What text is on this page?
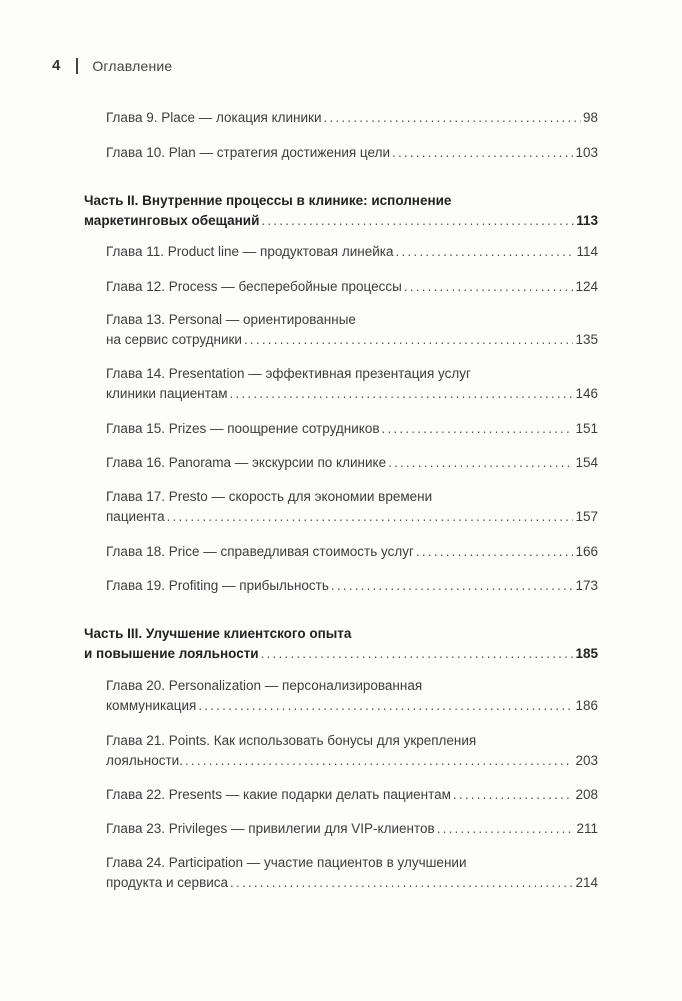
4 Оглавление
Глава 9. Place — локация клиники .....	98
Глава 10. Plan — стратегия достижения цели .....	103
Часть II. Внутренние процессы в клинике: исполнение
маркетинговых обещаний .....	113
Глава 11. Product line — продуктовая линейка .....	114
Глава 12. Process — бесперебойные процессы .....	124
Глава 13. Personal — ориентированные
на сервис сотрудники .....	135
Глава 14. Presentation — эффективная презентация услуг
клиники пациентам .....	146
Глава 15. Prizes — поощрение сотрудников .....	151
Глава 16. Panorama — экскурсии по клинике .....	154
Глава 17. Presto — скорость для экономии времени
пациента .....	157
Глава 18. Price — справедливая стоимость услуг .....	166
Глава 19. Profiting — прибыльность .....	173
Часть III. Улучшение клиентского опыта
и повышение лояльности .....	185
Глава 20. Personalization — персонализированная
коммуникация .....	186
Глава 21. Points. Как использовать бонусы для укрепления
лояльности. .....	203
Глава 22. Presents — какие подарки делать пациентам .....	208
Глава 23. Privileges — привилегии для VIP-клиентов .....	211
Глава 24. Participation — участие пациентов в улучшении
продукта и сервиса .....	214
